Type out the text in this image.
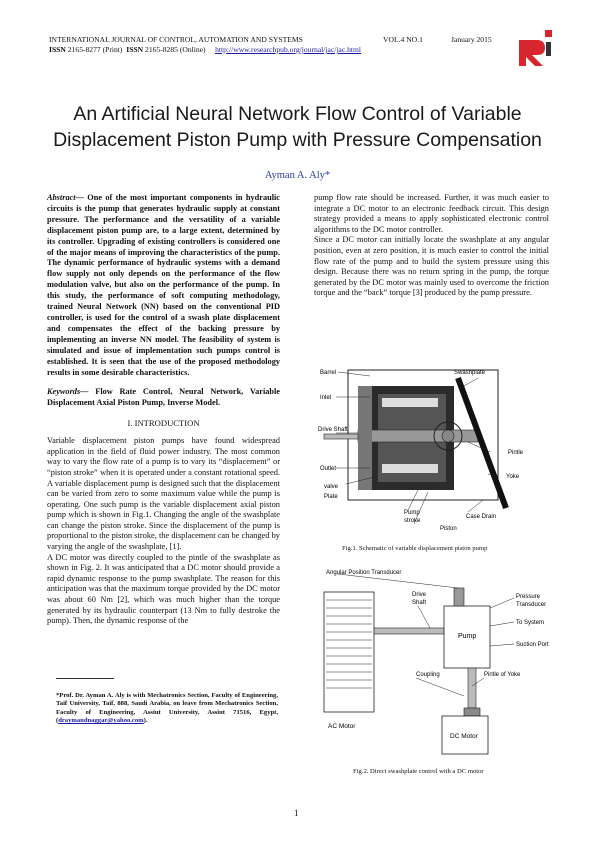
INTERNATIONAL JOURNAL OF CONTROL, AUTOMATION AND SYSTEMS	VOL.4 NO.1	January 2015
ISSN 2165-8277 (Print) ISSN 2165-8285 (Online) http://www.researchpub.org/journal/jac/jac.html
An Artificial Neural Network Flow Control of Variable
Displacement Piston Pump with Pressure Compensation
Ayman A. Aly*

Abstract— One of the most important components in hydraulic circuits is the pump that generates hydraulic supply at constant pressure. The performance and the versatility of a variable displacement piston pump are, to a large extent, determined by its controller. Upgrading of existing controllers is considered one of the major means of improving the characteristics of the pump. The dynamic performance of hydraulic systems with a demand flow supply not only depends on the performance of the flow modulation valve, but also on the performance of the pump. In this study, the performance of soft computing methodology, trained Neural Network (NN) based on the conventional PID controller, is used for the control of a swash plate displacement and compensates the effect of the backing pressure by implementing an inverse NN model. The feasibility of system is simulated and issue of implementation such pumps control is established. It is seen that the use of the proposed methodology results in some desirable characteristics.

Keywords— Flow Rate Control, Neural Network, Variable Displacement Axial Piston Pump, Inverse Model.

I. INTRODUCTION

Variable displacement piston pumps have found widespread application in the field of fluid power industry. The most common way to vary the flow rate of a pump is to vary its “displacement” or “piston stroke” when it is operated under a constant rotational speed. A variable displacement pump is designed such that the displacement can be varied from zero to some maximum value while the pump is operating. One such pump is the variable displacement axial piston pump which is shown in Fig.1. Changing the angle of the swashplate can change the piston stroke. Since the displacement of the pump is proportional to the piston stroke, the displacement can be changed by varying the angle of the swashplate, [1].

A DC motor was directly coupled to the pintle of the swashplate as shown in Fig. 2. It was anticipated that a DC motor should provide a rapid dynamic response to the pump swashplate. The reason for this anticipation was that the maximum torque provided by the DC motor was about 60 Nm [2], which was much higher than the torque generated by its hydraulic counterpart (13 Nm to fully destroke the pump). Then, the dynamic response of the

*Prof. Dr. Ayman A. Aly is with Mechatronics Section, Faculty of Engineering, Taif University, Taif, 888, Saudi Arabia, on leave from Mechatronics Section, Faculty of Engineering, Assiut University, Assiut 71516, Egypt, (draymandnaggar@yahoo.com).

pump flow rate should be increased. Further, it was much easier to integrate a DC motor to an electronic feedback circuit. This design strategy provided a means to apply sophisticated electronic control algorithms to the DC motor controller.

Since a DC motor can initially locate the swashplate at any angular position, even at zero position, it is much easier to control the initial flow rate of the pump and to build the system pressure using this design. Because there was no return spring in the pump, the torque generated by the DC motor was mainly used to overcome the friction torque and the “back” torque [3] produced by the pump pressure.

Barrel	Swashplate
Inlet
Drive Shaft
Outlet
Pintle
Yoke
valve
Plate
Pump
stroke
Piston
Case Drain
Fig.1. Schematic of variable displacement piston pump
Angular Position Transducer
Drive
Shaft
Pump
Pressure
Transducer
To System
Suction Port
Coupling
AC Motor
Pintle of Yoke
DC Motor
Fig.2. Direct swashplate control with a DC motor
1
